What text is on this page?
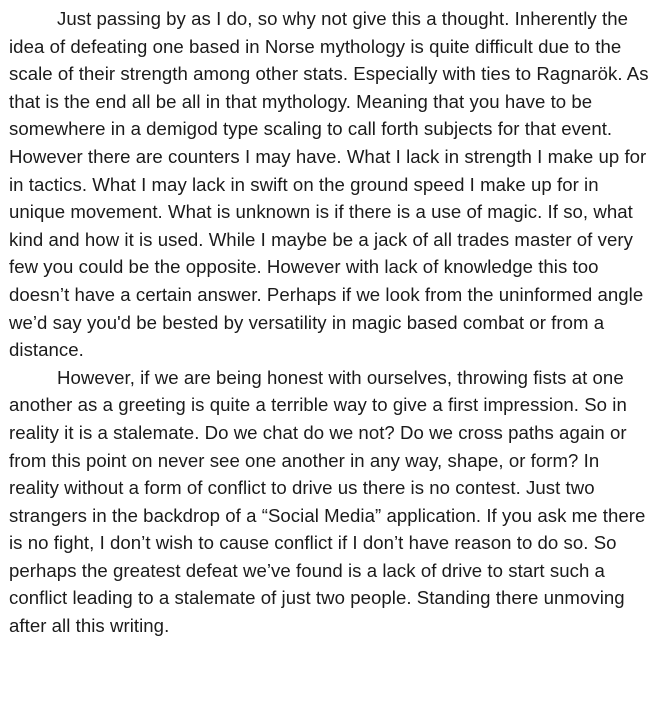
Just passing by as I do, so why not give this a thought. Inherently the idea of defeating one based in Norse mythology is quite difficult due to the scale of their strength among other stats. Especially with ties to Ragnarök. As that is the end all be all in that mythology. Meaning that you have to be somewhere in a demigod type scaling to call forth subjects for that event. However there are counters I may have. What I lack in strength I make up for in tactics. What I may lack in swift on the ground speed I make up for in unique movement. What is unknown is if there is a use of magic. If so, what kind and how it is used. While I maybe be a jack of all trades master of very few you could be the opposite. However with lack of knowledge this too doesn’t have a certain answer. Perhaps if we look from the uninformed angle we’d say you'd be bested by versatility in magic based combat or from a distance.

However, if we are being honest with ourselves, throwing fists at one another as a greeting is quite a terrible way to give a first impression. So in reality it is a stalemate. Do we chat do we not? Do we cross paths again or from this point on never see one another in any way, shape, or form? In reality without a form of conflict to drive us there is no contest. Just two strangers in the backdrop of a “Social Media” application. If you ask me there is no fight, I don’t wish to cause conflict if I don’t have reason to do so. So perhaps the greatest defeat we’ve found is a lack of drive to start such a conflict leading to a stalemate of just two people. Standing there unmoving after all this writing.
